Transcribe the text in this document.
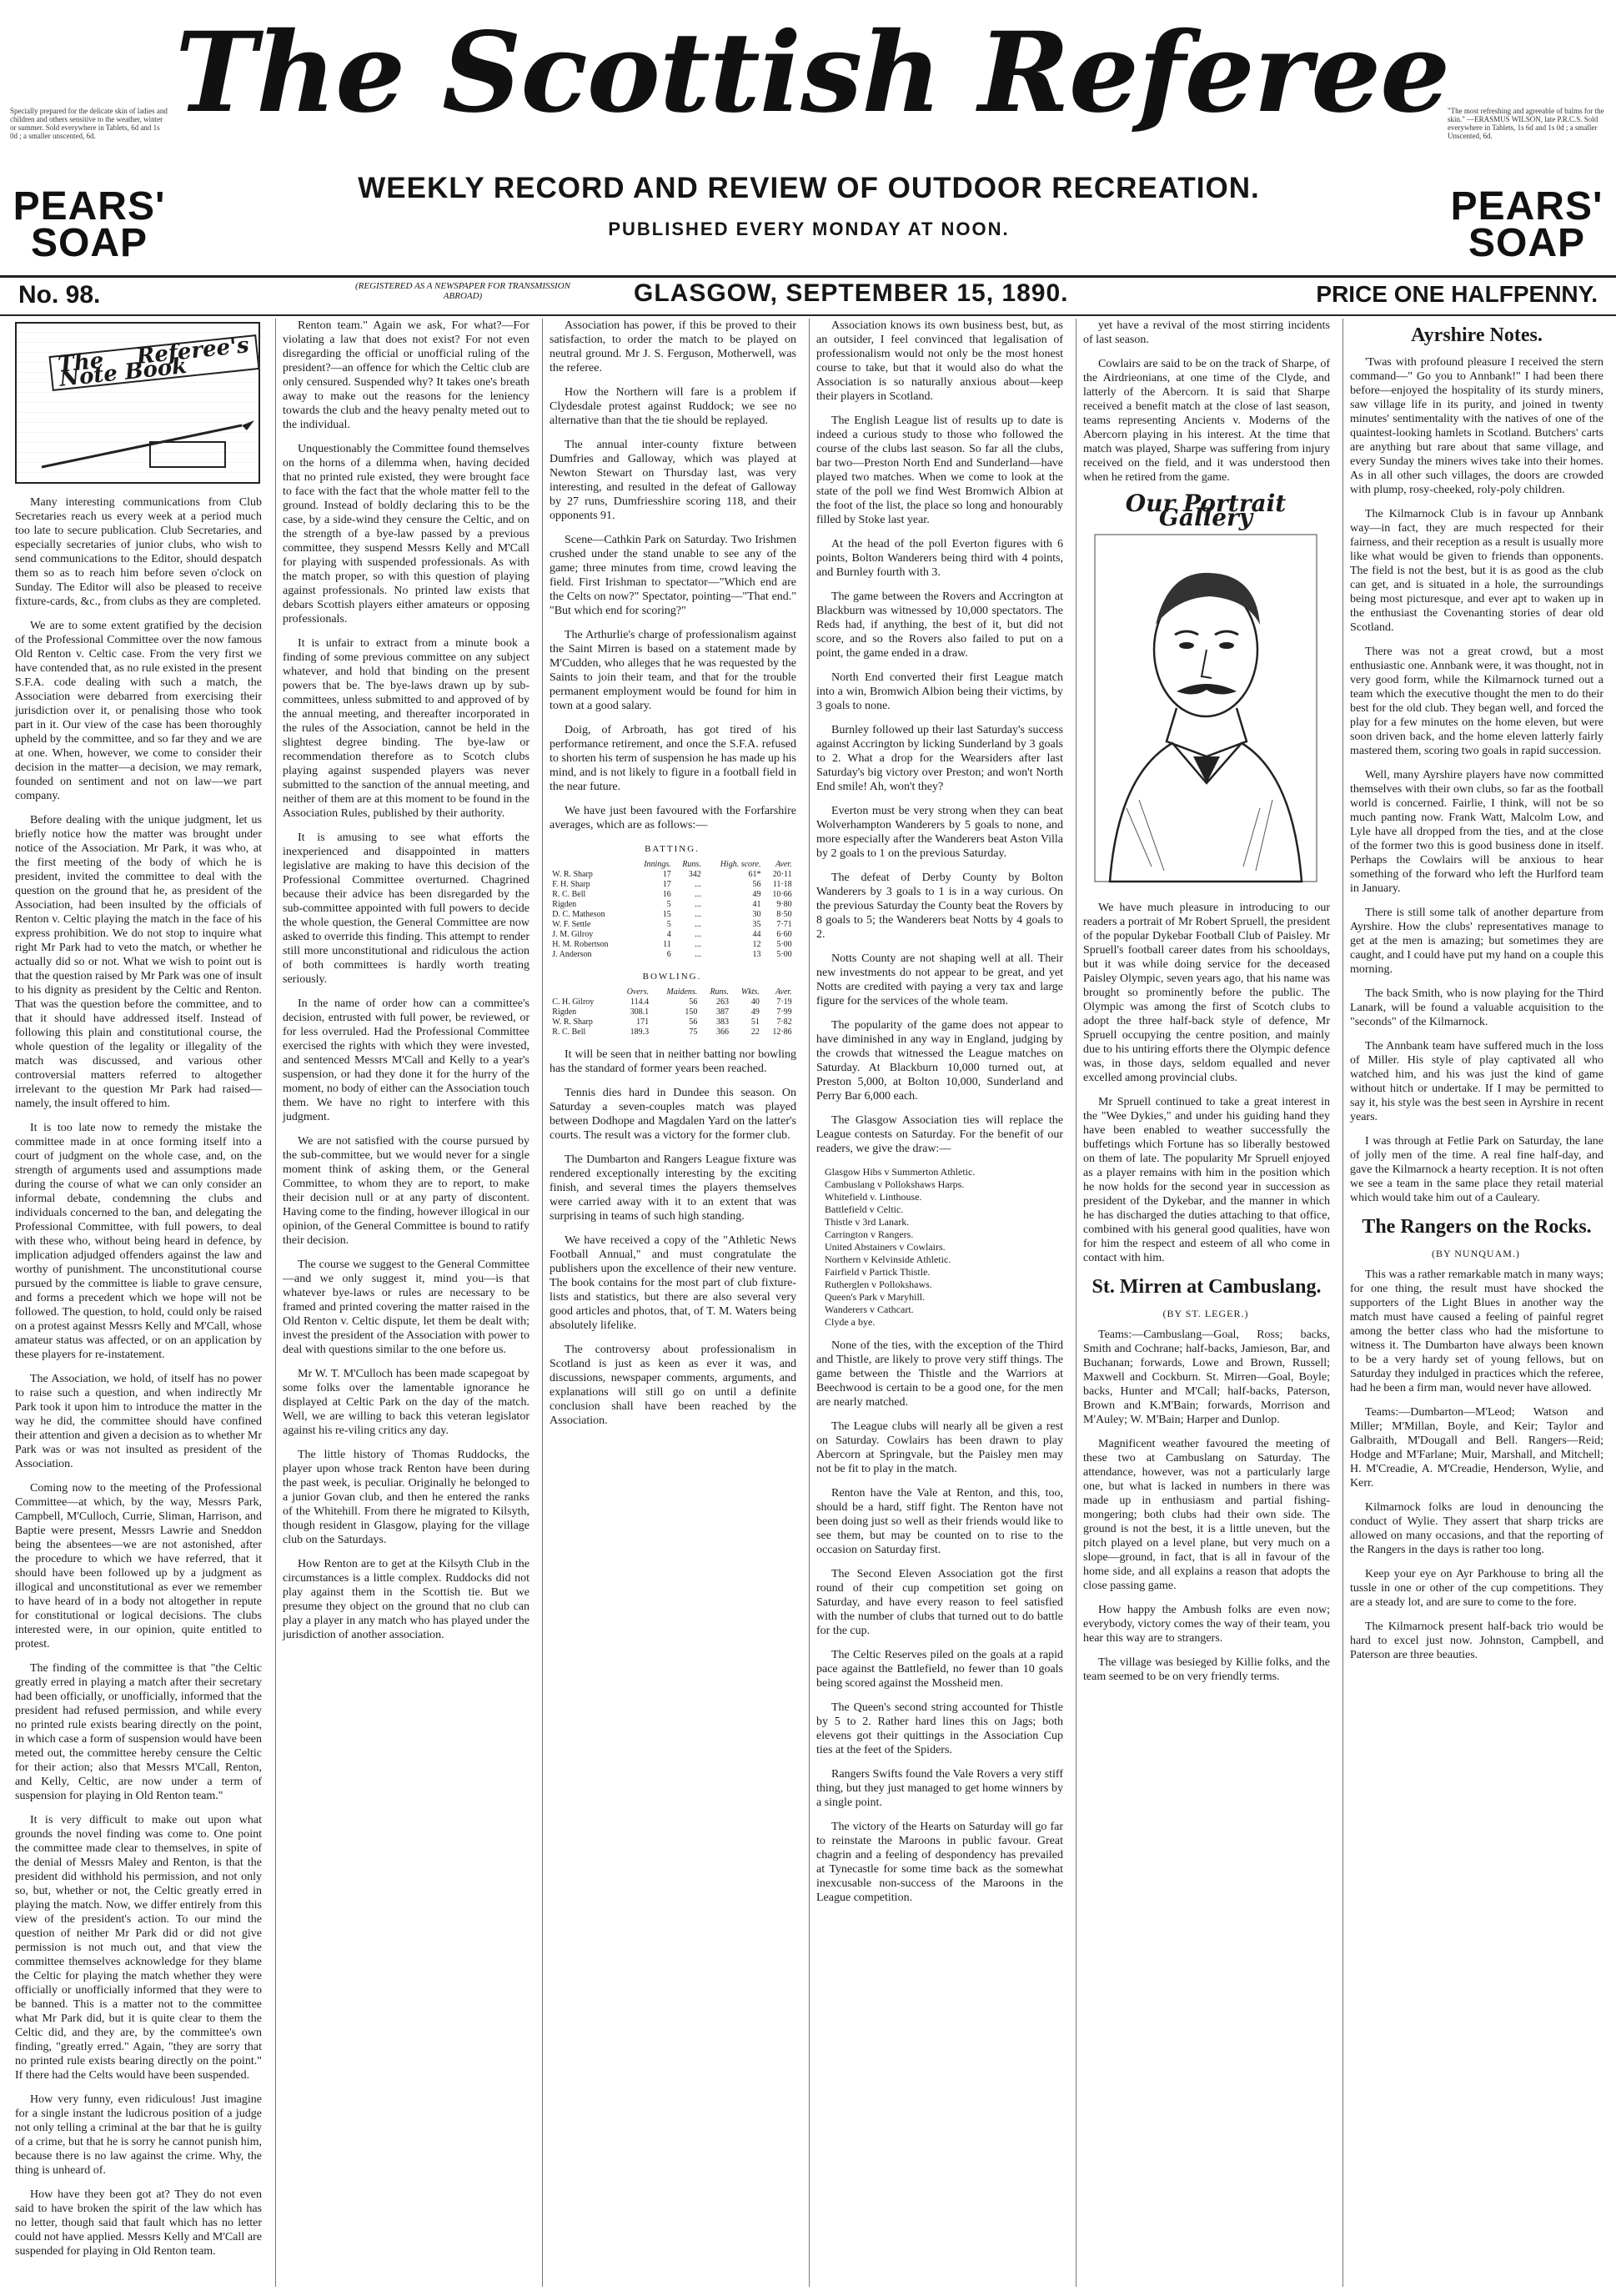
Specially prepared for the delicate skin of ladies and children and others sensitive to the weather, winter or summer. Sold everywhere in Tablets, 6d and 1s 0d ; a smaller unscented, 6d.
PEARS'
SOAP
The Scottish Referee
WEEKLY RECORD AND REVIEW OF OUTDOOR RECREATION.
PUBLISHED EVERY MONDAY AT NOON.
"The most refreshing and agreeable of balms for the skin." —ERASMUS WILSON, late P.R.C.S. Sold everywhere in Tablets, 1s 6d and 1s 0d ; a smaller Unscented, 6d.
PEARS'
SOAP
No. 98.	(REGISTERED AS A NEWSPAPER FOR TRANSMISSION ABROAD)	GLASGOW, SEPTEMBER 15, 1890.	PRICE ONE HALFPENNY.
The Referee's Note Book

Many interesting communications from Club Secretaries reach us every week at a period much too late to secure publication. Club Secretaries, and especially secretaries of junior clubs, who wish to send communications to the Editor, should despatch them so as to reach him before seven o'clock on Sunday. The Editor will also be pleased to receive fixture-cards, &c., from clubs as they are completed.

We are to some extent gratified by the decision of the Professional Committee over the now famous Old Renton v. Celtic case. From the very first we have contended that, as no rule existed in the present S.F.A. code dealing with such a match, the Association were debarred from exercising their jurisdiction over it, or penalising those who took part in it. Our view of the case has been thoroughly upheld by the committee, and so far they and we are at one. When, however, we come to consider their decision in the matter—a decision, we may remark, founded on sentiment and not on law—we part company.

Before dealing with the unique judgment, let us briefly notice how the matter was brought under notice of the Association. Mr Park, it was who, at the first meeting of the body of which he is president, invited the committee to deal with the question on the ground that he, as president of the Association, had been insulted by the officials of Renton v. Celtic playing the match in the face of his express prohibition. We do not stop to inquire what right Mr Park had to veto the match, or whether he actually did so or not. What we wish to point out is that the question raised by Mr Park was one of insult to his dignity as president by the Celtic and Renton. That was the question before the committee, and to that it should have addressed itself. Instead of following this plain and constitutional course, the whole question of the legality or illegality of the match was discussed, and various other controversial matters referred to altogether irrelevant to the question Mr Park had raised—namely, the insult offered to him.

It is too late now to remedy the mistake the committee made in at once forming itself into a court of judgment on the whole case, and, on the strength of arguments used and assumptions made during the course of what we can only consider an informal debate, condemning the clubs and individuals concerned to the ban, and delegating the Professional Committee, with full powers, to deal with these who, without being heard in defence, by implication adjudged offenders against the law and worthy of punishment. The unconstitutional course pursued by the committee is liable to grave censure, and forms a precedent which we hope will not be followed. The question, to hold, could only be raised on a protest against Messrs Kelly and M'Call, whose amateur status was affected, or on an application by these players for re-instatement.

The Association, we hold, of itself has no power to raise such a question, and when indirectly Mr Park took it upon him to introduce the matter in the way he did, the committee should have confined their attention and given a decision as to whether Mr Park was or was not insulted as president of the Association.

Coming now to the meeting of the Professional Committee—at which, by the way, Messrs Park, Campbell, M'Culloch, Currie, Sliman, Harrison, and Baptie were present, Messrs Lawrie and Sneddon being the absentees—we are not astonished, after the procedure to which we have referred, that it should have been followed up by a judgment as illogical and unconstitutional as ever we remember to have heard of in a body not altogether in repute for constitutional or logical decisions. The clubs interested were, in our opinion, quite entitled to protest.

The finding of the committee is that "the Celtic greatly erred in playing a match after their secretary had been officially, or unofficially, informed that the president had refused permission, and while every no printed rule exists bearing directly on the point, in which case a form of suspension would have been meted out, the committee hereby censure the Celtic for their action; also that Messrs M'Call, Renton, and Kelly, Celtic, are now under a term of suspension for playing in Old Renton team."

It is very difficult to make out upon what grounds the novel finding was come to. One point the committee made clear to themselves, in spite of the denial of Messrs Maley and Renton, is that the president did withhold his permission, and not only so, but, whether or not, the Celtic greatly erred in playing the match. Now, we differ entirely from this view of the president's action. To our mind the question of neither Mr Park did or did not give permission is not much out, and that view the committee themselves acknowledge for they blame the Celtic for playing the match whether they were officially or unofficially informed that they were to be banned. This is a matter not to the committee what Mr Park did, but it is quite clear to them the Celtic did, and they are, by the committee's own finding, "greatly erred." Again, "they are sorry that no printed rule exists bearing directly on the point." If there had the Celts would have been suspended.

How very funny, even ridiculous! Just imagine for a single instant the ludicrous position of a judge not only telling a criminal at the bar that he is guilty of a crime, but that he is sorry he cannot punish him, because there is no law against the crime. Why, the thing is unheard of.

How have they been got at? They do not even said to have broken the spirit of the law which has no letter, though said that fault which has no letter could not have applied. Messrs Kelly and M'Call are suspended for playing in Old Renton team.

Renton team." Again we ask, For what?—For violating a law that does not exist? For not even disregarding the official or unofficial ruling of the president?—an offence for which the Celtic club are only censured. Suspended why? It takes one's breath away to make out the reasons for the leniency towards the club and the heavy penalty meted out to the individual.

Unquestionably the Committee found themselves on the horns of a dilemma when, having decided that no printed rule existed, they were brought face to face with the fact that the whole matter fell to the ground. Instead of boldly declaring this to be the case, by a side-wind they censure the Celtic, and on the strength of a bye-law passed by a previous committee, they suspend Messrs Kelly and M'Call for playing with suspended professionals. As with the match proper, so with this question of playing against professionals. No printed law exists that debars Scottish players either amateurs or opposing professionals.

It is unfair to extract from a minute book a finding of some previous committee on any subject whatever, and hold that binding on the present powers that be. The bye-laws drawn up by sub-committees, unless submitted to and approved of by the annual meeting, and thereafter incorporated in the rules of the Association, cannot be held in the slightest degree binding. The bye-law or recommendation therefore as to Scotch clubs playing against suspended players was never submitted to the sanction of the annual meeting, and neither of them are at this moment to be found in the Association Rules, published by their authority.

It is amusing to see what efforts the inexperienced and disappointed in matters legislative are making to have this decision of the Professional Committee overturned. Chagrined because their advice has been disregarded by the sub-committee appointed with full powers to decide the whole question, the General Committee are now asked to override this finding. This attempt to render still more unconstitutional and ridiculous the action of both committees is hardly worth treating seriously.

In the name of order how can a committee's decision, entrusted with full power, be reviewed, or for less overruled. Had the Professional Committee exercised the rights with which they were invested, and sentenced Messrs M'Call and Kelly to a year's suspension, or had they done it for the hurry of the moment, no body of either can the Association touch them. We have no right to interfere with this judgment.

We are not satisfied with the course pursued by the sub-committee, but we would never for a single moment think of asking them, or the General Committee, to whom they are to report, to make their decision null or at any party of discontent. Having come to the finding, however illogical in our opinion, of the General Committee is bound to ratify their decision.

The course we suggest to the General Committee—and we only suggest it, mind you—is that whatever bye-laws or rules are necessary to be framed and printed covering the matter raised in the Old Renton v. Celtic dispute, let them be dealt with; invest the president of the Association with power to deal with questions similar to the one before us.

Mr W. T. M'Culloch has been made scapegoat by some folks over the lamentable ignorance he displayed at Celtic Park on the day of the match. Well, we are willing to back this veteran legislator against his re-viling critics any day.

The little history of Thomas Ruddocks, the player upon whose track Renton have been during the past week, is peculiar. Originally he belonged to a junior Govan club, and then he entered the ranks of the Whitehill. From there he migrated to Kilsyth, though resident in Glasgow, playing for the village club on the Saturdays.

How Renton are to get at the Kilsyth Club in the circumstances is a little complex. Ruddocks did not play against them in the Scottish tie. But we presume they object on the ground that no club can play a player in any match who has played under the jurisdiction of another association.

Association has power, if this be proved to their satisfaction, to order the match to be played on neutral ground. Mr J. S. Ferguson, Motherwell, was the referee.

How the Northern will fare is a problem if Clydesdale protest against Ruddock; we see no alternative than that the tie should be replayed.

The annual inter-county fixture between Dumfries and Galloway, which was played at Newton Stewart on Thursday last, was very interesting, and resulted in the defeat of Galloway by 27 runs, Dumfriesshire scoring 118, and their opponents 91.

Scene—Cathkin Park on Saturday. Two Irishmen crushed under the stand unable to see any of the game; three minutes from time, crowd leaving the field. First Irishman to spectator—"Which end are the Celts on now?" Spectator, pointing—"That end." "But which end for scoring?"

The Arthurlie's charge of professionalism against the Saint Mirren is based on a statement made by M'Cudden, who alleges that he was requested by the Saints to join their team, and that for the trouble permanent employment would be found for him in town at a good salary.

Doig, of Arbroath, has got tired of his performance retirement, and once the S.F.A. refused to shorten his term of suspension he has made up his mind, and is not likely to figure in a football field in the near future.

We have just been favoured with the Forfarshire averages, which are as follows:—

BATTING.
	Innings.	Runs.	High. score.	Aver.
W. R. Sharp	17	342	61*	20·11
F. H. Sharp	17	...	56	11·18
R. C. Bell	16	...	49	10·66
Rigden	5	...	41	9·80
D. C. Matheson	15	...	30	8·50
W. F. Settle	5	...	35	7·71
J. M. Gilroy	4	...	44	6·60
H. M. Robertson	11	...	12	5·00
J. Anderson	6	...	13	5·00
BOWLING.
	Overs.	Maidens.	Runs.	Wkts.	Aver.
C. H. Gilroy	114.4	56	263	40	7·19
Rigden	308.1	150	387	49	7·99
W. R. Sharp	171	56	383	51	7·82
R. C. Bell	189.3	75	366	22	12·86

It will be seen that in neither batting nor bowling has the standard of former years been reached.

Tennis dies hard in Dundee this season. On Saturday a seven-couples match was played between Dodhope and Magdalen Yard on the latter's courts. The result was a victory for the former club.

The Dumbarton and Rangers League fixture was rendered exceptionally interesting by the exciting finish, and several times the players themselves were carried away with it to an extent that was surprising in teams of such high standing.

We have received a copy of the "Athletic News Football Annual," and must congratulate the publishers upon the excellence of their new venture. The book contains for the most part of club fixture-lists and statistics, but there are also several very good articles and photos, that, of T. M. Waters being absolutely lifelike.

The controversy about professionalism in Scotland is just as keen as ever it was, and discussions, newspaper comments, arguments, and explanations will still go on until a definite conclusion shall have been reached by the Association.

Association knows its own business best, but, as an outsider, I feel convinced that legalisation of professionalism would not only be the most honest course to take, but that it would also do what the Association is so naturally anxious about—keep their players in Scotland.

The English League list of results up to date is indeed a curious study to those who followed the course of the clubs last season. So far all the clubs, bar two—Preston North End and Sunderland—have played two matches. When we come to look at the state of the poll we find West Bromwich Albion at the foot of the list, the place so long and honourably filled by Stoke last year.

At the head of the poll Everton figures with 6 points, Bolton Wanderers being third with 4 points, and Burnley fourth with 3.

The game between the Rovers and Accrington at Blackburn was witnessed by 10,000 spectators. The Reds had, if anything, the best of it, but did not score, and so the Rovers also failed to put on a point, the game ended in a draw.

North End converted their first League match into a win, Bromwich Albion being their victims, by 3 goals to none.

Burnley followed up their last Saturday's success against Accrington by licking Sunderland by 3 goals to 2. What a drop for the Wearsiders after last Saturday's big victory over Preston; and won't North End smile! Ah, won't they?

Everton must be very strong when they can beat Wolverhampton Wanderers by 5 goals to none, and more especially after the Wanderers beat Aston Villa by 2 goals to 1 on the previous Saturday.

The defeat of Derby County by Bolton Wanderers by 3 goals to 1 is in a way curious. On the previous Saturday the County beat the Rovers by 8 goals to 5; the Wanderers beat Notts by 4 goals to 2.

Notts County are not shaping well at all. Their new investments do not appear to be great, and yet Notts are credited with paying a very tax and large figure for the services of the whole team.

The popularity of the game does not appear to have diminished in any way in England, judging by the crowds that witnessed the League matches on Saturday. At Blackburn 10,000 turned out, at Preston 5,000, at Bolton 10,000, Sunderland and Perry Bar 6,000 each.

The Glasgow Association ties will replace the League contests on Saturday. For the benefit of our readers, we give the draw:—

Glasgow Hibs v Summerton Athletic.
Cambuslang v Pollokshaws Harps.
Whitefield v. Linthouse.
Battlefield v Celtic.
Thistle v 3rd Lanark.
Carrington v Rangers.
United Abstainers v Cowlairs.
Northern v Kelvinside Athletic.
Fairfield v Partick Thistle.
Rutherglen v Pollokshaws.
Queen's Park v Maryhill.
Wanderers v Cathcart.
Clyde a bye.

None of the ties, with the exception of the Third and Thistle, are likely to prove very stiff things. The game between the Thistle and the Warriors at Beechwood is certain to be a good one, for the men are nearly matched.

The League clubs will nearly all be given a rest on Saturday. Cowlairs has been drawn to play Abercorn at Springvale, but the Paisley men may not be fit to play in the match.

Renton have the Vale at Renton, and this, too, should be a hard, stiff fight. The Renton have not been doing just so well as their friends would like to see them, but may be counted on to rise to the occasion on Saturday first.

The Second Eleven Association got the first round of their cup competition set going on Saturday, and have every reason to feel satisfied with the number of clubs that turned out to do battle for the cup.

The Celtic Reserves piled on the goals at a rapid pace against the Battlefield, no fewer than 10 goals being scored against the Mossheid men.

The Queen's second string accounted for Thistle by 5 to 2. Rather hard lines this on Jags; both elevens got their quittings in the Association Cup ties at the feet of the Spiders.

Rangers Swifts found the Vale Rovers a very stiff thing, but they just managed to get home winners by a single point.

The victory of the Hearts on Saturday will go far to reinstate the Maroons in public favour. Great chagrin and a feeling of despondency has prevailed at Tynecastle for some time back as the somewhat inexcusable non-success of the Maroons in the League competition.

yet have a revival of the most stirring incidents of last season.

Cowlairs are said to be on the track of Sharpe, of the Airdrieonians, at one time of the Clyde, and latterly of the Abercorn. It is said that Sharpe received a benefit match at the close of last season, teams representing Ancients v. Moderns of the Abercorn playing in his interest. At the time that match was played, Sharpe was suffering from injury received on the field, and it was understood then when he retired from the game.

Our Portrait Gallery

We have much pleasure in introducing to our readers a portrait of Mr Robert Spruell, the president of the popular Dykebar Football Club of Paisley. Mr Spruell's football career dates from his schooldays, but it was while doing service for the deceased Paisley Olympic, seven years ago, that his name was brought so prominently before the public. The Olympic was among the first of Scotch clubs to adopt the three half-back style of defence, Mr Spruell occupying the centre position, and mainly due to his untiring efforts there the Olympic defence was, in those days, seldom equalled and never excelled among provincial clubs.

Mr Spruell continued to take a great interest in the "Wee Dykies," and under his guiding hand they have been enabled to weather successfully the buffetings which Fortune has so liberally bestowed on them of late. The popularity Mr Spruell enjoyed as a player remains with him in the position which he now holds for the second year in succession as president of the Dykebar, and the manner in which he has discharged the duties attaching to that office, combined with his general good qualities, have won for him the respect and esteem of all who come in contact with him.

St. Mirren at Cambuslang.
(BY ST. LEGER.)

Teams:—Cambuslang—Goal, Ross; backs, Smith and Cochrane; half-backs, Jamieson, Bar, and Buchanan; forwards, Lowe and Brown, Russell; Maxwell and Cockburn. St. Mirren—Goal, Boyle; backs, Hunter and M'Call; half-backs, Paterson, Brown and K.M'Bain; forwards, Morrison and M'Auley; W. M'Bain; Harper and Dunlop.

Magnificent weather favoured the meeting of these two at Cambuslang on Saturday. The attendance, however, was not a particularly large one, but what is lacked in numbers in there was made up in enthusiasm and partial fishing-mongering; both clubs had their own side. The ground is not the best, it is a little uneven, but the pitch played on a level plane, but very much on a slope—ground, in fact, that is all in favour of the home side, and all explains a reason that adopts the close passing game.

How happy the Ambush folks are even now; everybody, victory comes the way of their team, you hear this way are to strangers.

The village was besieged by Killie folks, and the team seemed to be on very friendly terms.

Ayrshire Notes.

'Twas with profound pleasure I received the stern command—" Go you to Annbank!" I had been there before—enjoyed the hospitality of its sturdy miners, saw village life in its purity, and joined in twenty minutes' sentimentality with the natives of one of the quaintest-looking hamlets in Scotland. Butchers' carts are anything but rare about that same village, and every Sunday the miners wives take into their homes. As in all other such villages, the doors are crowded with plump, rosy-cheeked, roly-poly children.

The Kilmarnock Club is in favour up Annbank way—in fact, they are much respected for their fairness, and their reception as a result is usually more like what would be given to friends than opponents. The field is not the best, but it is as good as the club can get, and is situated in a hole, the surroundings being most picturesque, and ever apt to waken up in the enthusiast the Covenanting stories of dear old Scotland.

There was not a great crowd, but a most enthusiastic one. Annbank were, it was thought, not in very good form, while the Kilmarnock turned out a team which the executive thought the men to do their best for the old club. They began well, and forced the play for a few minutes on the home eleven, but were soon driven back, and the home eleven latterly fairly mastered them, scoring two goals in rapid succession.

Well, many Ayrshire players have now committed themselves with their own clubs, so far as the football world is concerned. Fairlie, I think, will not be so much panting now. Frank Watt, Malcolm Low, and Lyle have all dropped from the ties, and at the close of the former two this is good business done in itself. Perhaps the Cowlairs will be anxious to hear something of the forward who left the Hurlford team in January.

There is still some talk of another departure from Ayrshire. How the clubs' representatives manage to get at the men is amazing; but sometimes they are caught, and I could have put my hand on a couple this morning.

The back Smith, who is now playing for the Third Lanark, will be found a valuable acquisition to the "seconds" of the Kilmarnock.

The Annbank team have suffered much in the loss of Miller. His style of play captivated all who watched him, and his was just the kind of game without hitch or undertake. If I may be permitted to say it, his style was the best seen in Ayrshire in recent years.

I was through at Fetlie Park on Saturday, the lane of jolly men of the time. A real fine half-day, and gave the Kilmarnock a hearty reception. It is not often we see a team in the same place they retail material which would take him out of a Cauleary.

The Rangers on the Rocks.
(BY NUNQUAM.)

This was a rather remarkable match in many ways; for one thing, the result must have shocked the supporters of the Light Blues in another way the match must have caused a feeling of painful regret among the better class who had the misfortune to witness it. The Dumbarton have always been known to be a very hardy set of young fellows, but on Saturday they indulged in practices which the referee, had he been a firm man, would never have allowed.

Teams:—Dumbarton—M'Leod; Watson and Miller; M'Millan, Boyle, and Keir; Taylor and Galbraith, M'Dougall and Bell. Rangers—Reid; Hodge and M'Farlane; Muir, Marshall, and Mitchell; H. M'Creadie, A. M'Creadie, Henderson, Wylie, and Kerr.

Kilmarnock folks are loud in denouncing the conduct of Wylie. They assert that sharp tricks are allowed on many occasions, and that the reporting of the Rangers in the days is rather too long.

Keep your eye on Ayr Parkhouse to bring all the tussle in one or other of the cup competitions. They are a steady lot, and are sure to come to the fore.

The Kilmarnock present half-back trio would be hard to excel just now. Johnston, Campbell, and Paterson are three beauties.
